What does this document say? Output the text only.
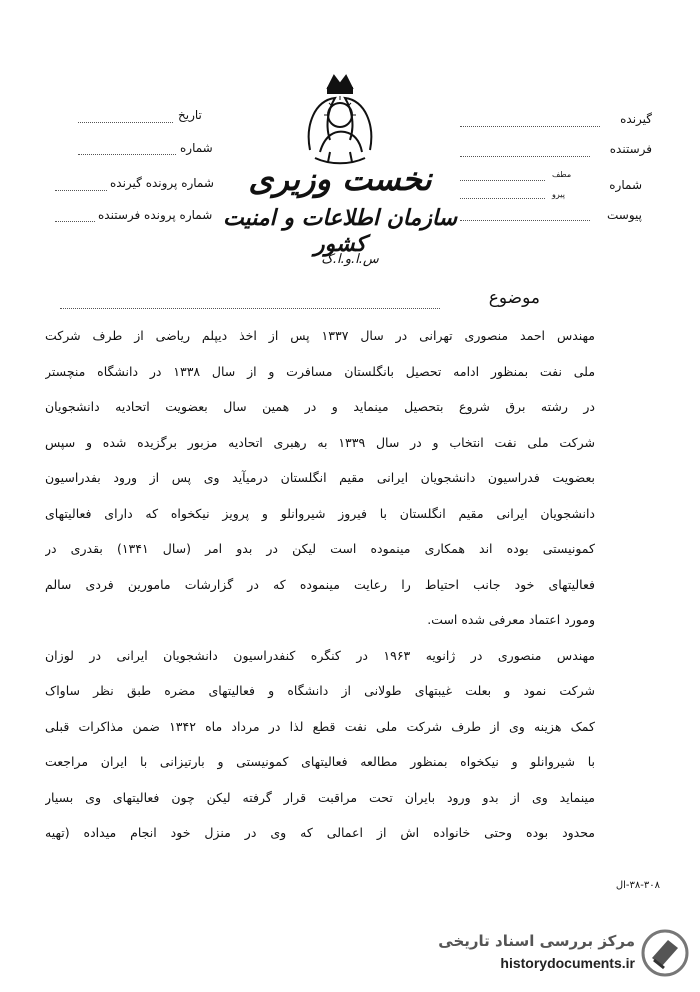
نخست وزیری
سازمان اطلاعات و امنیت کشور
س.ا.و.ا.ک
گیرنده
فرستنده
شماره
مطف
پیرو
پیوست
تاریخ
شماره
شماره پرونده گیرنده
شماره پرونده فرستنده
موضوع
مهندس احمد منصوری تهرانی در سال ۱۳۳۷ پس از اخذ دیپلم ریاضی از طرف شرکت
ملی نفت بمنظور ادامه تحصیل بانگلستان مسافرت و از سال ۱۳۳۸ در دانشگاه منچستر
در رشته برق شروع بتحصیل مینماید و در همین سال بعضویت اتحادیه دانشجویان
شرکت ملی نفت انتخاب و در سال ۱۳۳۹ به رهبری اتحادیه مزبور برگزیده شده و سپس
بعضویت فدراسیون دانشجویان ایرانی مقیم انگلستان درمیآید وی پس از ورود بفدراسیون
دانشجویان ایرانی مقیم انگلستان با فیروز شیروانلو و پرویز نیکخواه که دارای فعالیتهای
کمونیستی بوده اند همکاری مینموده است لیکن در بدو امر (سال ۱۳۴۱) بقدری در
فعالیتهای خود جانب احتیاط را رعایت مینموده که در گزارشات مامورین فردی سالم
ومورد اعتماد معرفی شده است.
مهندس منصوری در ژانویه ۱۹۶۳ در کنگره کنفدراسیون دانشجویان ایرانی در لوزان
شرکت نمود و بعلت غیبتهای طولانی از دانشگاه و فعالیتهای مضره طبق نظر ساواک
کمک هزینه وی از طرف شرکت ملی نفت قطع لذا در مرداد ماه ۱۳۴۲ ضمن مذاکرات قبلی
با شیروانلو و نیکخواه بمنظور مطالعه فعالیتهای کمونیستی و بارتیزانی با ایران مراجعت
مینماید وی از بدو ورود بایران تحت مراقبت قرار گرفته لیکن چون فعالیتهای وی بسیار
محدود بوده وحتی خانواده اش از اعمالی که وی در منزل خود انجام میداده (تهیه
۳۸-۳۰۸-ال
مرکز بررسی اسناد تاریخی
historydocuments.ir
